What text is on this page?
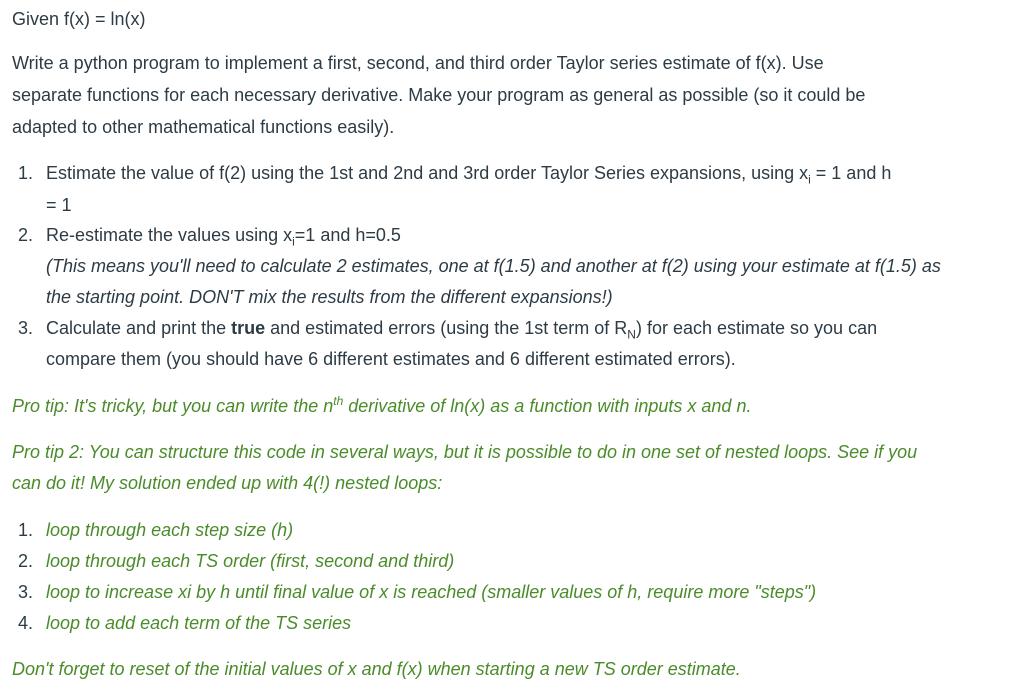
Given f(x) = ln(x)
Write a python program to implement a first, second, and third order Taylor series estimate of f(x). Use
separate functions for each necessary derivative. Make your program as general as possible (so it could be
adapted to other mathematical functions easily).
1. Estimate the value of f(2) using the 1st and 2nd and 3rd order Taylor Series expansions, using $x_i = 1$ and h
= 1
2. Re-estimate the values using $x_i=1$ and h=0.5
(This means you'll need to calculate 2 estimates, one at f(1.5) and another at f(2) using your estimate at f(1.5) as
the starting point. DON'T mix the results from the different expansions!)
3. Calculate and print the true and estimated errors (using the 1st term of $R_N$) for each estimate so you can
compare them (you should have 6 different estimates and 6 different estimated errors).
Pro tip: It's tricky, but you can write the $n^{th}$ derivative of ln(x) as a function with inputs x and n.
Pro tip 2: You can structure this code in several ways, but it is possible to do in one set of nested loops. See if you
can do it! My solution ended up with 4(!) nested loops:
1. loop through each step size (h)
2. loop through each TS order (first, second and third)
3. loop to increase xi by h until final value of x is reached (smaller values of h, require more "steps")
4. loop to add each term of the TS series
Don't forget to reset of the initial values of x and f(x) when starting a new TS order estimate.
